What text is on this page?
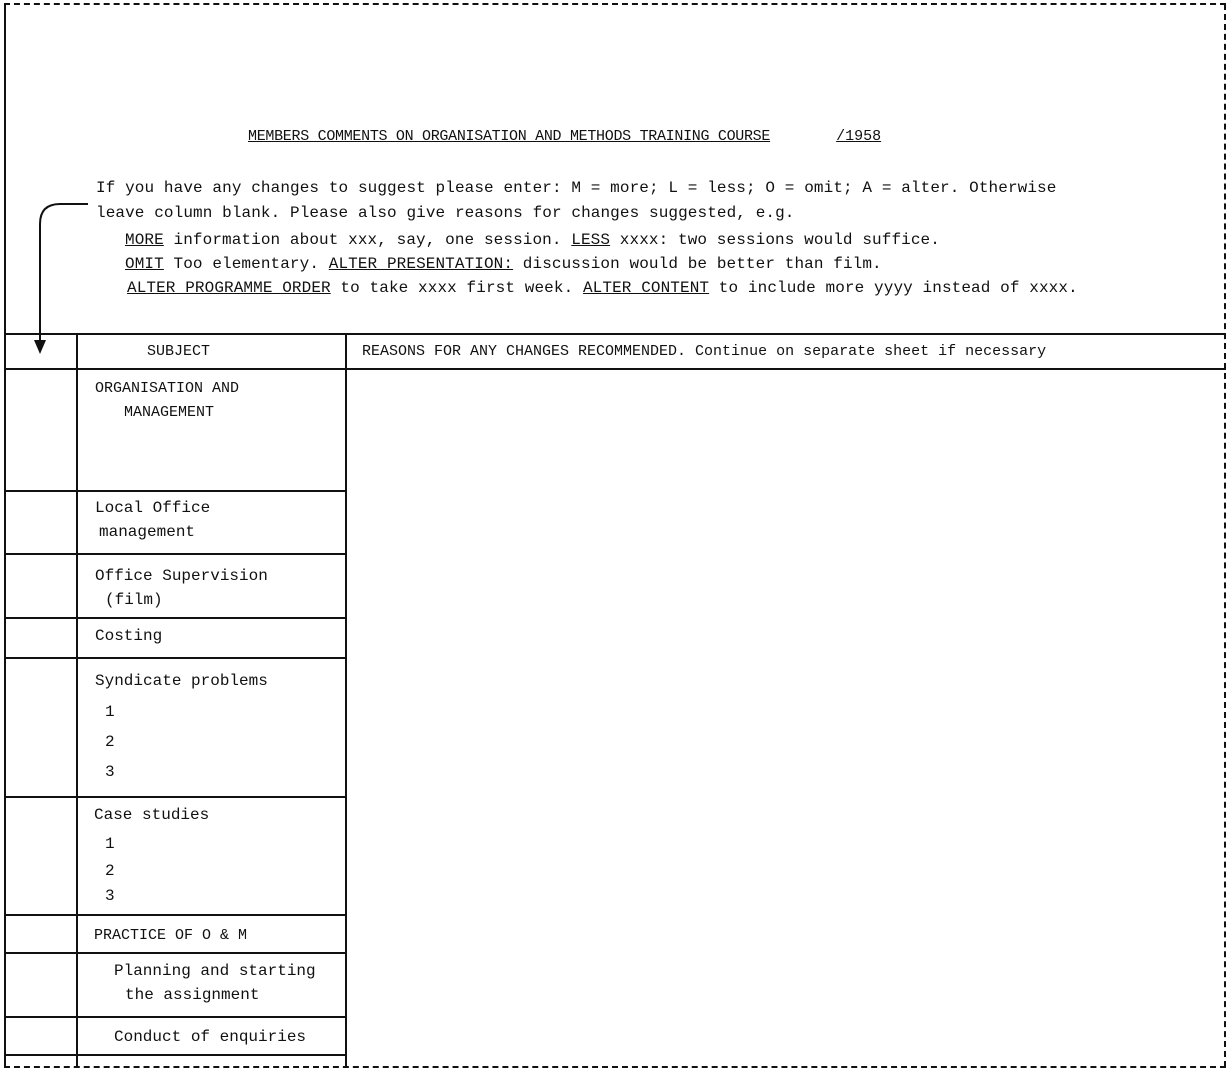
MEMBERS COMMENTS ON ORGANISATION AND METHODS TRAINING COURSE	/1958
If you have any changes to suggest please enter: M = more; L = less; O = omit; A = alter. Otherwise
leave column blank. Please also give reasons for changes suggested, e.g.
MORE information about xxx, say, one session. LESS xxxx: two sessions would suffice.
OMIT Too elementary. ALTER PRESENTATION: discussion would be better than film.
ALTER PROGRAMME ORDER to take xxxx first week. ALTER CONTENT to include more yyyy instead of xxxx.
SUBJECT	REASONS FOR ANY CHANGES RECOMMENDED. Continue on separate sheet if necessary
ORGANISATION AND
MANAGEMENT
Local Office
management
Office Supervision
(film)
Costing
Syndicate problems
1
2
3
Case studies
1
2
3
PRACTICE OF O & M
Planning and starting
the assignment
Conduct of enquiries
